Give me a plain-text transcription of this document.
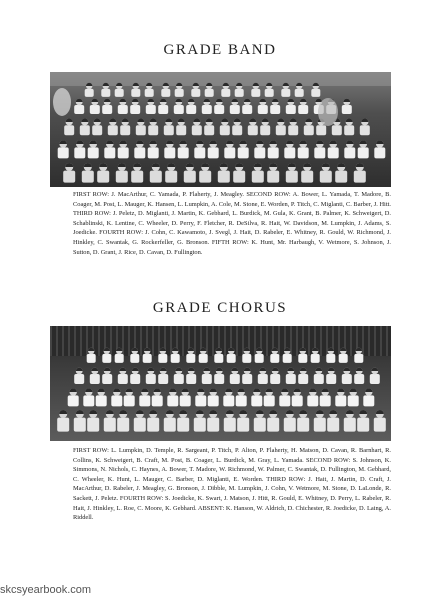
GRADE BAND
FIRST ROW: J. MacArthur, C. Yamada, P. Flaherty, J. Meagley. SECOND ROW: A. Bower, L. Yamada, T. Madore, B. Coager, M. Post, L. Mauger, K. Hansen, L. Lumpkin, A. Cole, M. Stone, E. Worden, P. Titch, C. Miglanti, C. Barber, J. Hitt. THIRD ROW: J. Peletz, D. Miglanti, J. Martin, K. Gebhard, L. Burdick, M. Gula, K. Grant, B. Palmer, K. Schweigert, D. Schablinski, K. Lentine, C. Wheeler, D. Perry, F. Fletcher, R. DeSilva, R. Hait, W. Davidson, M. Lumpkin, J. Adams, S. Joedicke. FOURTH ROW: J. Cohn, C. Kawamoto, J. Svegl, J. Hait, D. Rabeler, E. Whitney, R. Gould, W. Richmond, J. Hinkley, C. Swantak, G. Rockerfeller, G. Bronson. FIFTH ROW: K. Hunt, Mr. Harbaugh, V. Wetmore, S. Johnson, J. Sutton, D. Grant, J. Rice, D. Cavan, D. Fullington.
GRADE CHORUS
FIRST ROW: L. Lumpkin, D. Temple, R. Sargeant, P. Titch, P. Alton, P. Flaherty, H. Matson, D. Cavan, R. Barnhart, R. Collins, K. Schweigert, B. Craft, M. Post, B. Coager, L. Burdick, M. Gray, L. Yamada. SECOND ROW: S. Johnson, K. Simmons, N. Nichols, C. Haynes, A. Bower, T. Madore, W. Richmond, W. Palmer, C. Swantak, D. Fullington, M. Gebhard, C. Wheeler, K. Hunt, L. Mauger, C. Barber, D. Miglanti, E. Worden. THIRD ROW: J. Hait, J. Martin, D. Craft, J. MacArthur, D. Rabeler, J. Meagley, G. Bronson, J. Dibble, M. Lumpkin, J. Cohn, V. Wetmore, M. Stone, D. LaLonde, R. Sackett, J. Peletz. FOURTH ROW: S. Joedicke, K. Swart, J. Matson, J. Hitt, R. Gould, E. Whitney, D. Perry, L. Rabeler, R. Hait, J. Hinkley, L. Roe, C. Moore, K. Gebhard. ABSENT: K. Hanson, W. Aldrich, D. Chichester, R. Joedicke, D. Laing, A. Riddell.
skcsyearbook.com
